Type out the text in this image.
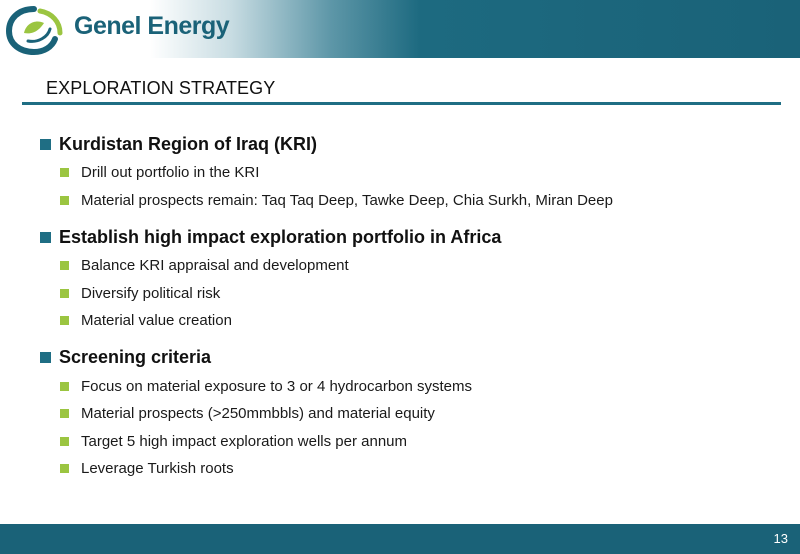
Genel Energy
EXPLORATION STRATEGY
Kurdistan Region of Iraq (KRI)
Drill out portfolio in the KRI
Material prospects remain: Taq Taq Deep, Tawke Deep, Chia Surkh, Miran Deep
Establish high impact exploration portfolio in Africa
Balance KRI appraisal and development
Diversify political risk
Material value creation
Screening criteria
Focus on material exposure to 3 or 4 hydrocarbon systems
Material prospects (>250mmbbls) and material equity
Target 5 high impact exploration wells per annum
Leverage Turkish roots
13
